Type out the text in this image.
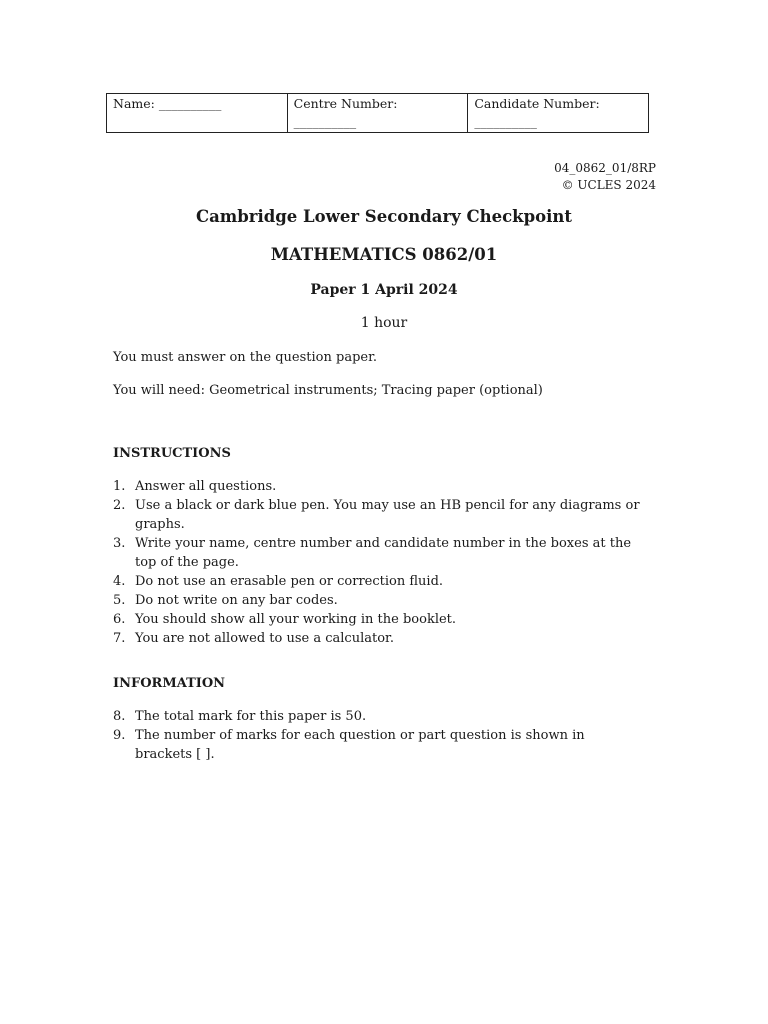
Name: __________	Centre Number: __________	Candidate Number: __________
04_0862_01/8RP
© UCLES 2024
Cambridge Lower Secondary Checkpoint
MATHEMATICS 0862/01
Paper 1 April 2024
1 hour
You must answer on the question paper.
You will need: Geometrical instruments; Tracing paper (optional)
INSTRUCTIONS
1. Answer all questions.
2. Use a black or dark blue pen. You may use an HB pencil for any diagrams or graphs.
3. Write your name, centre number and candidate number in the boxes at the top of the page.
4. Do not use an erasable pen or correction fluid.
5. Do not write on any bar codes.
6. You should show all your working in the booklet.
7. You are not allowed to use a calculator.
INFORMATION
8. The total mark for this paper is 50.
9. The number of marks for each question or part question is shown in brackets [ ].
